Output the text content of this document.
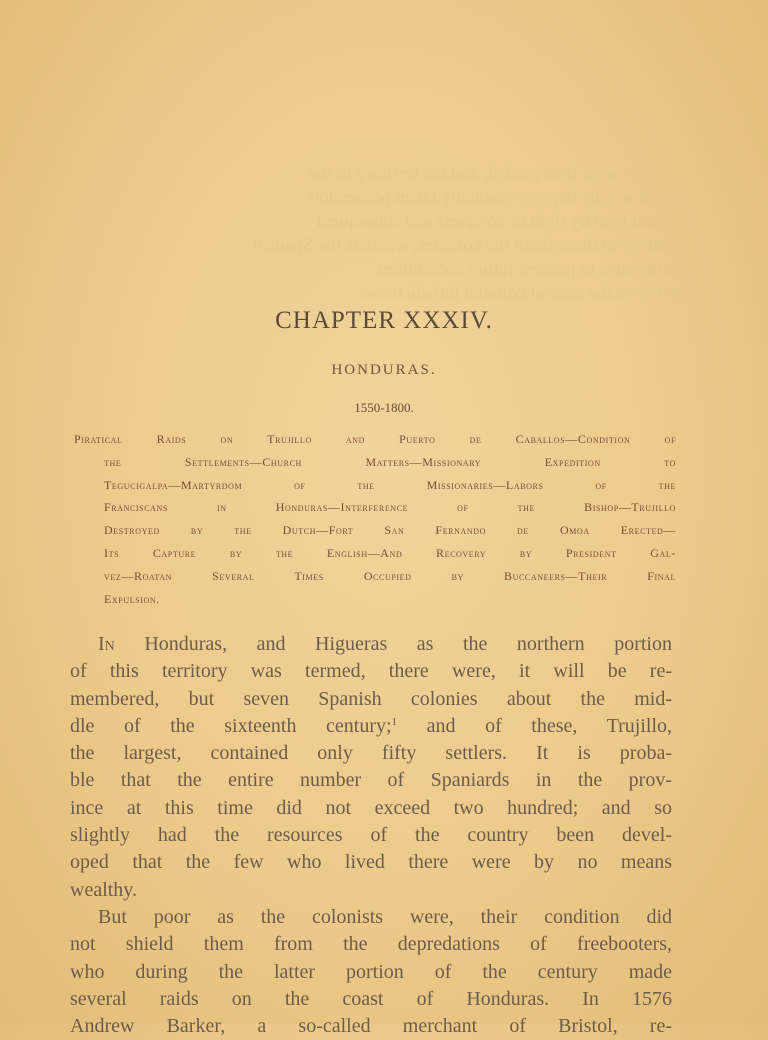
tractors were disregarded, and the territory to the
south was by degrees gradually taken possession
of and held by right of conquest and subsequent
settlement throughout the colonies, whereas the Spanish
authorities to prevent future contentions
between the several colonial jurisdictions
CHAPTER XXXIV.
HONDURAS.
1550-1800.
Piratical Raids on Trujillo and Puerto de Caballos—Condition of
the Settlements—Church Matters—Missionary Expedition to
Tegucigalpa—Martyrdom of the Missionaries—Labors of the
Franciscans in Honduras—Interference of the Bishop—Trujillo
Destroyed by the Dutch—Fort San Fernando de Omoa Erected—
Its Capture by the English—And Recovery by President Gal-
vez—Roatan Several Times Occupied by Buccaneers—Their Final
Expulsion.
In Honduras, and Higueras as the northern portion
of this territory was termed, there were, it will be re-
membered, but seven Spanish colonies about the mid-
dle of the sixteenth century;$^1$ and of these, Trujillo,
the largest, contained only fifty settlers. It is proba-
ble that the entire number of Spaniards in the prov-
ince at this time did not exceed two hundred; and so
slightly had the resources of the country been devel-
oped that the few who lived there were by no means
wealthy.
But poor as the colonists were, their condition did
not shield them from the depredations of freebooters,
who during the latter portion of the century made
several raids on the coast of Honduras. In 1576
Andrew Barker, a so-called merchant of Bristol, re-
